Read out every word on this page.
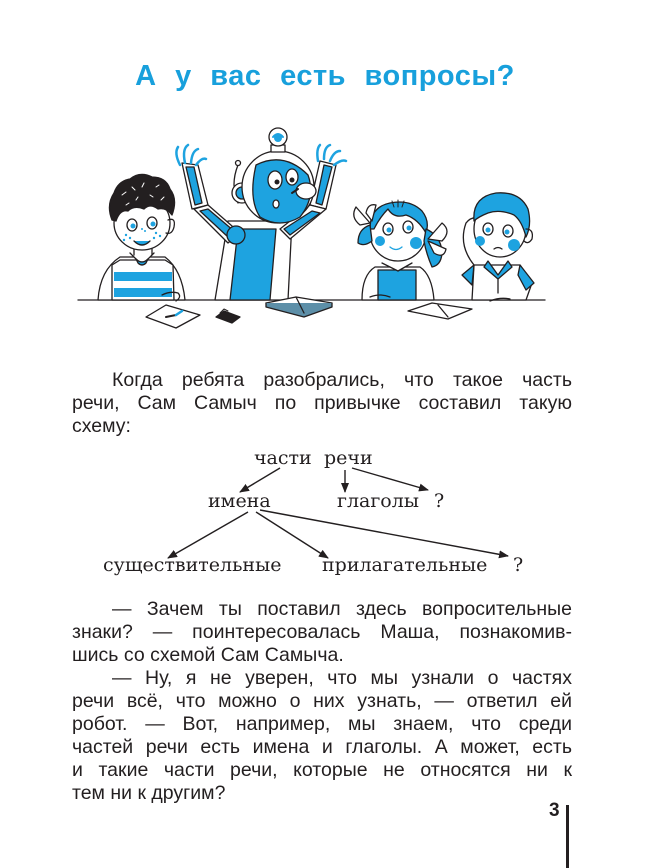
А у вас есть вопросы?
Когда ребята разобрались, что такое часть
речи, Сам Самыч по привычке составил такую
схему:
части речи
имена	глаголы ?
существительные прилагательные ?
— Зачем ты поставил здесь вопросительные
знаки? — поинтересовалась Маша, познакомив-
шись со схемой Сам Самыча.
— Ну, я не уверен, что мы узнали о частях
речи всё, что можно о них узнать, — ответил ей
робот. — Вот, например, мы знаем, что среди
частей речи есть имена и глаголы. А может, есть
и такие части речи, которые не относятся ни к
тем ни к другим?
3
